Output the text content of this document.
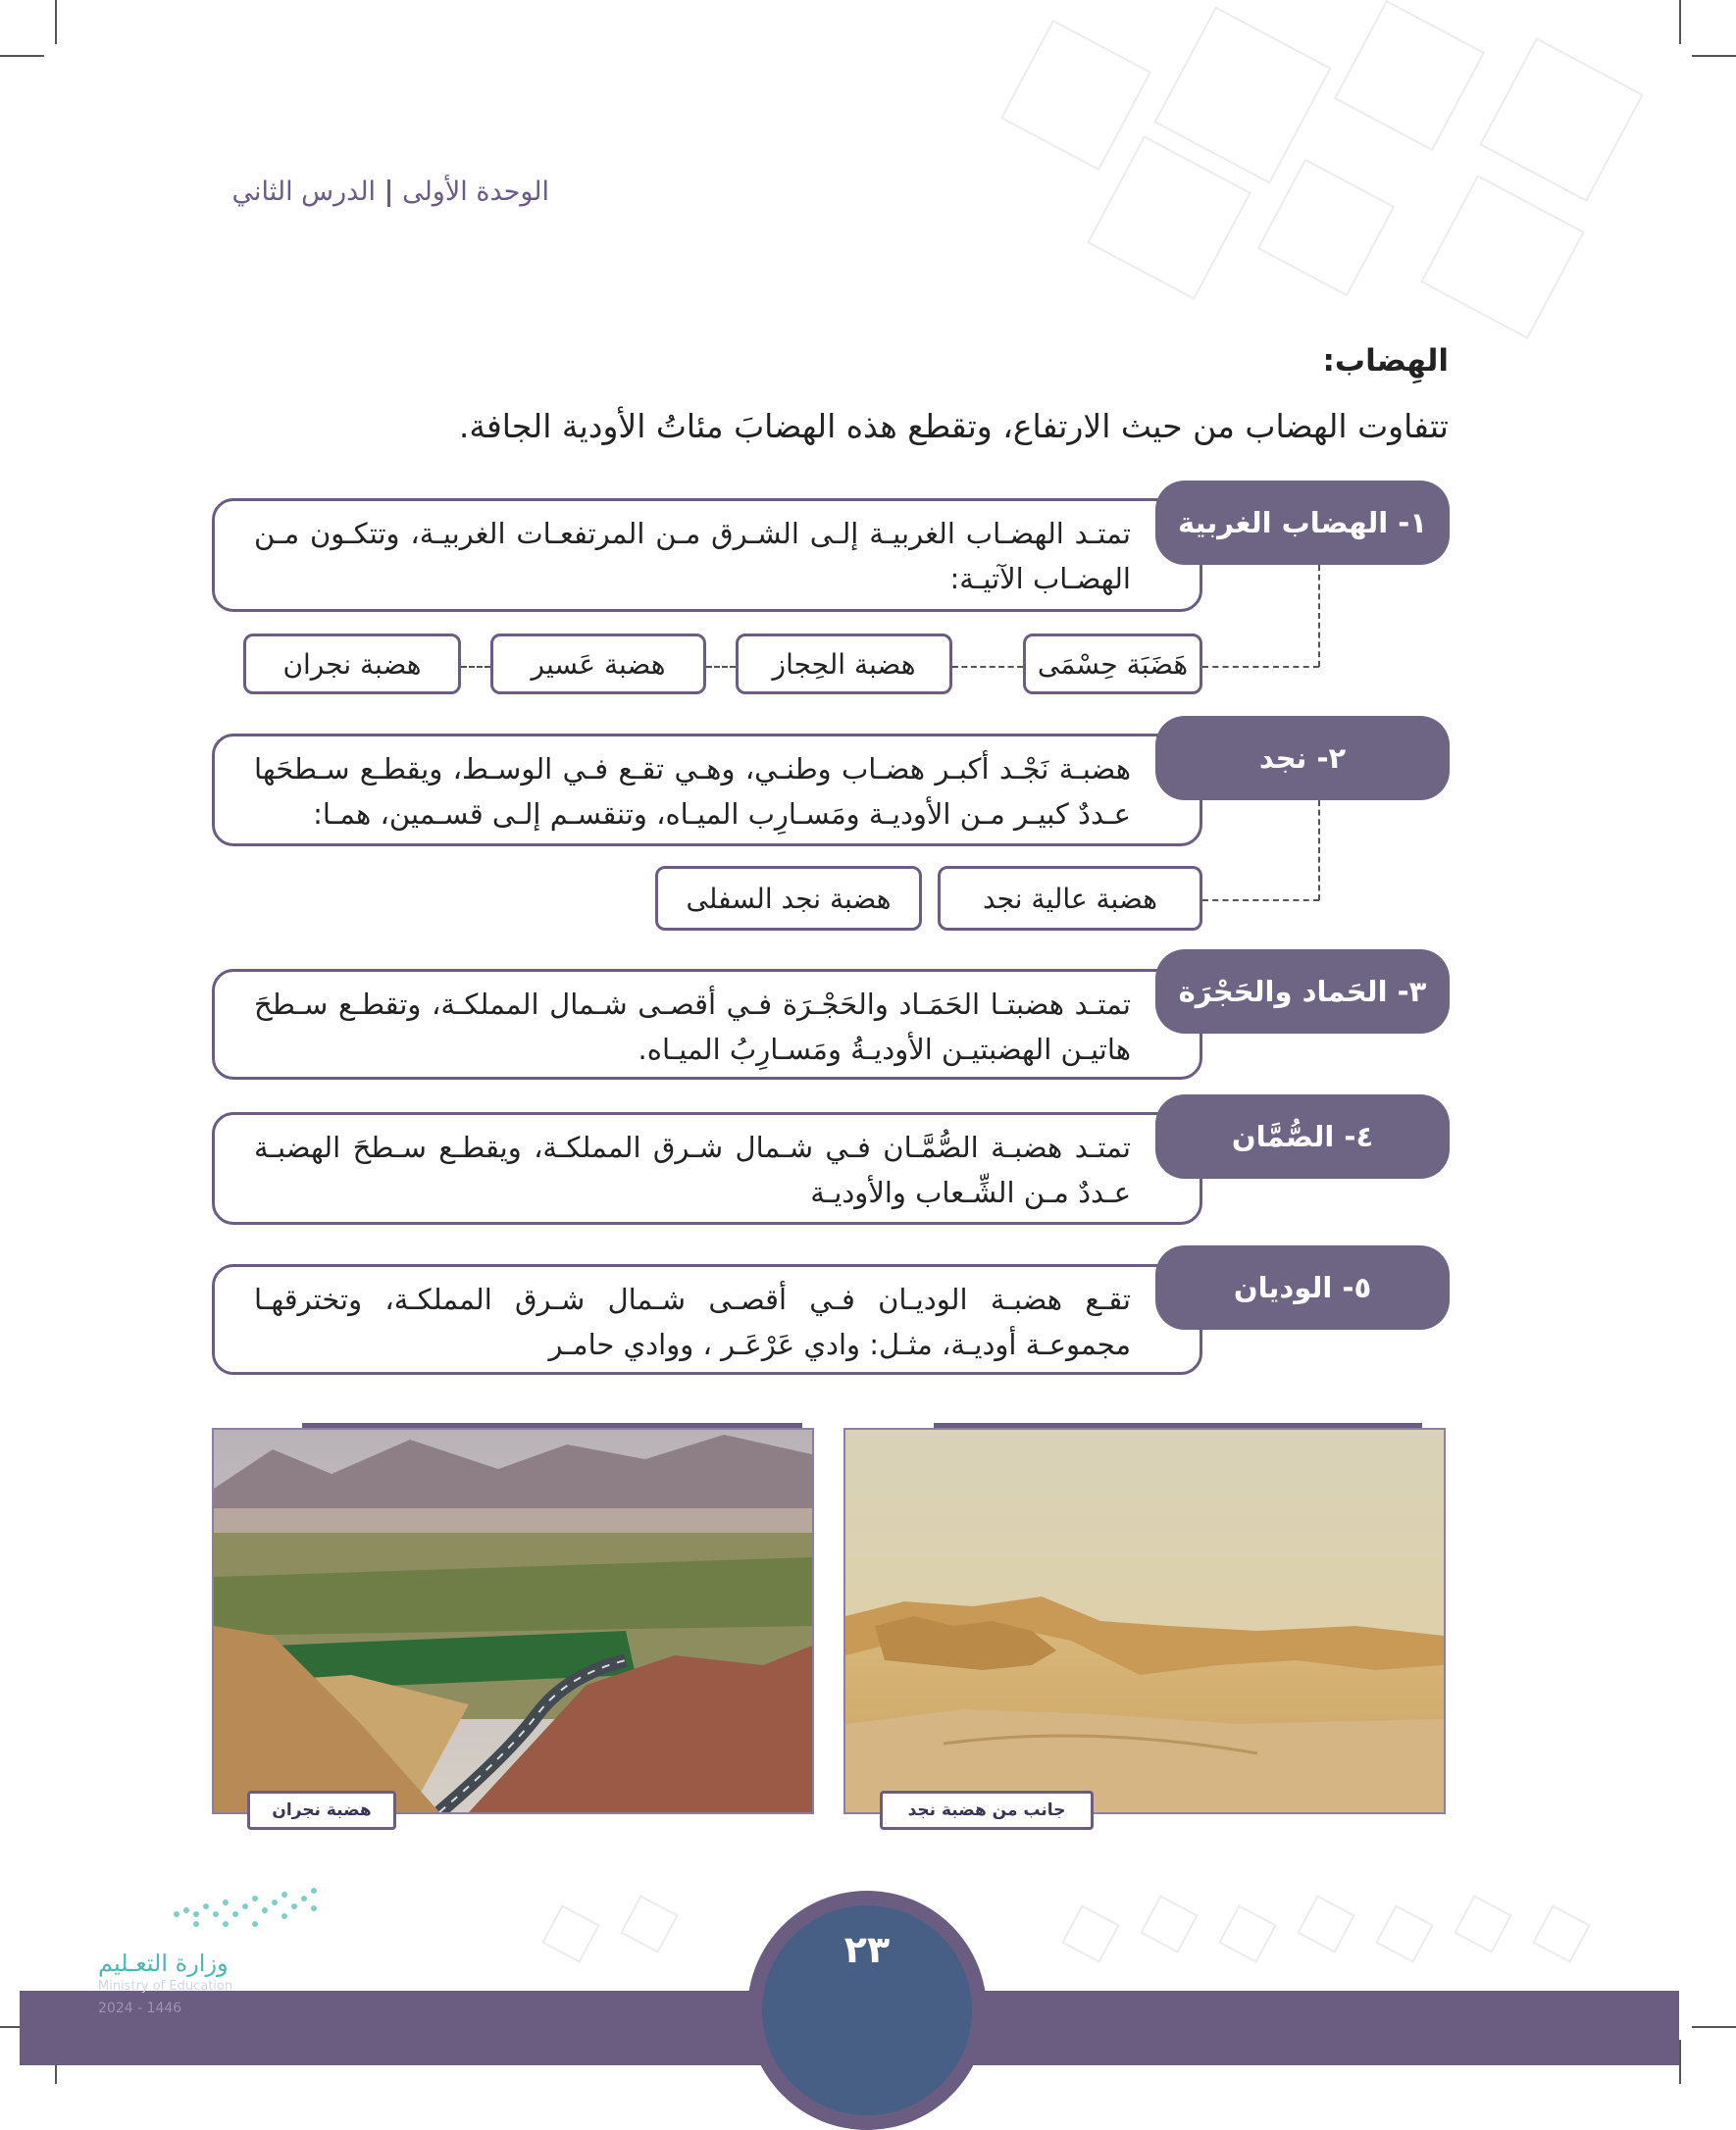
الوحدة الأولىالدرس الثاني
الهِضاب:
تتفاوت الهضاب من حيث الارتفاع، وتقطع هذه الهضابَ مئاتُ الأودية الجافة.
تمتـد الهضـاب الغربيـة إلـى الشـرق مـن المرتفعـات الغربيـة، وتتكـون مـن الهضـاب الآتيـة:
١- الهضاب الغربية
هَضَبَة حِسْمَى
هضبة الحِجاز
هضبة عَسير
هضبة نجران
هضبـة نَجْـد أكبـر هضـاب وطنـي، وهـي تقـع فـي الوسـط، ويقطـع سـطحَها عـددٌ كبيـر مـن الأوديـة ومَسـارِب الميـاه، وتنقسـم إلـى قسـمين، همـا:
٢- نجد
هضبة عالية نجد
هضبة نجد السفلى
تمتـد هضبتـا الحَمَـاد والحَجْـرَة فـي أقصـى شـمال المملكـة، وتقطـع سـطحَ هاتيـن الهضبتيـن الأوديـةُ ومَسـارِبُ الميـاه.
٣- الحَماد والحَجْرَة
تمتـد هضبـة الصُّمَّـان فـي شـمال شـرق المملكـة، ويقطـع سـطحَ الهضبـة عـددٌ مـن الشِّـعاب والأوديـة
٤- الصُّمَّان
تقـع هضبـة الوديـان فـي أقصـى شـمال شـرق المملكـة، وتخترقهـا مجموعـة أوديـة، مثـل: وادي عَرْعَـر ، ووادي حامـر
٥- الوديان
جانب من هضبة نجد
هضبة نجران
٢٣
وزارة التعـليم
Ministry of Education
2024 - 1446
